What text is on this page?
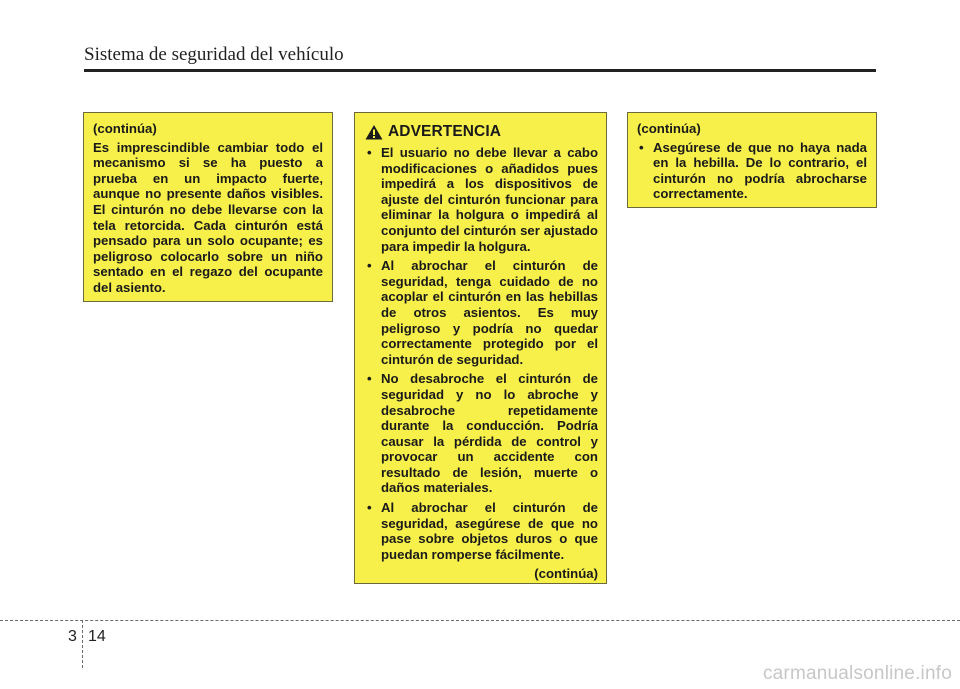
Sistema de seguridad del vehículo
(continúa)
Es imprescindible cambiar todo el mecanismo si se ha puesto a prueba en un impacto fuerte, aunque no presente daños visibles. El cinturón no debe llevarse con la tela retorcida. Cada cinturón está pensado para un solo ocupante; es peligroso colocarlo sobre un niño sentado en el regazo del ocupante del asiento.
ADVERTENCIA
• El usuario no debe llevar a cabo modificaciones o añadidos pues impedirá a los dispositivos de ajuste del cinturón funcionar para eliminar la holgura o impedirá al conjunto del cinturón ser ajustado para impedir la holgura.
• Al abrochar el cinturón de seguridad, tenga cuidado de no acoplar el cinturón en las hebillas de otros asientos. Es muy peligroso y podría no quedar correctamente protegido por el cinturón de seguridad.
• No desabroche el cinturón de seguridad y no lo abroche y desabroche repetidamente durante la conducción. Podría causar la pérdida de control y provocar un accidente con resultado de lesión, muerte o daños materiales.
• Al abrochar el cinturón de seguridad, asegúrese de que no pase sobre objetos duros o que puedan romperse fácilmente.
(continúa)
(continúa)
• Asegúrese de que no haya nada en la hebilla. De lo contrario, el cinturón no podría abrocharse correctamente.
3 14
carmanualsonline.info
